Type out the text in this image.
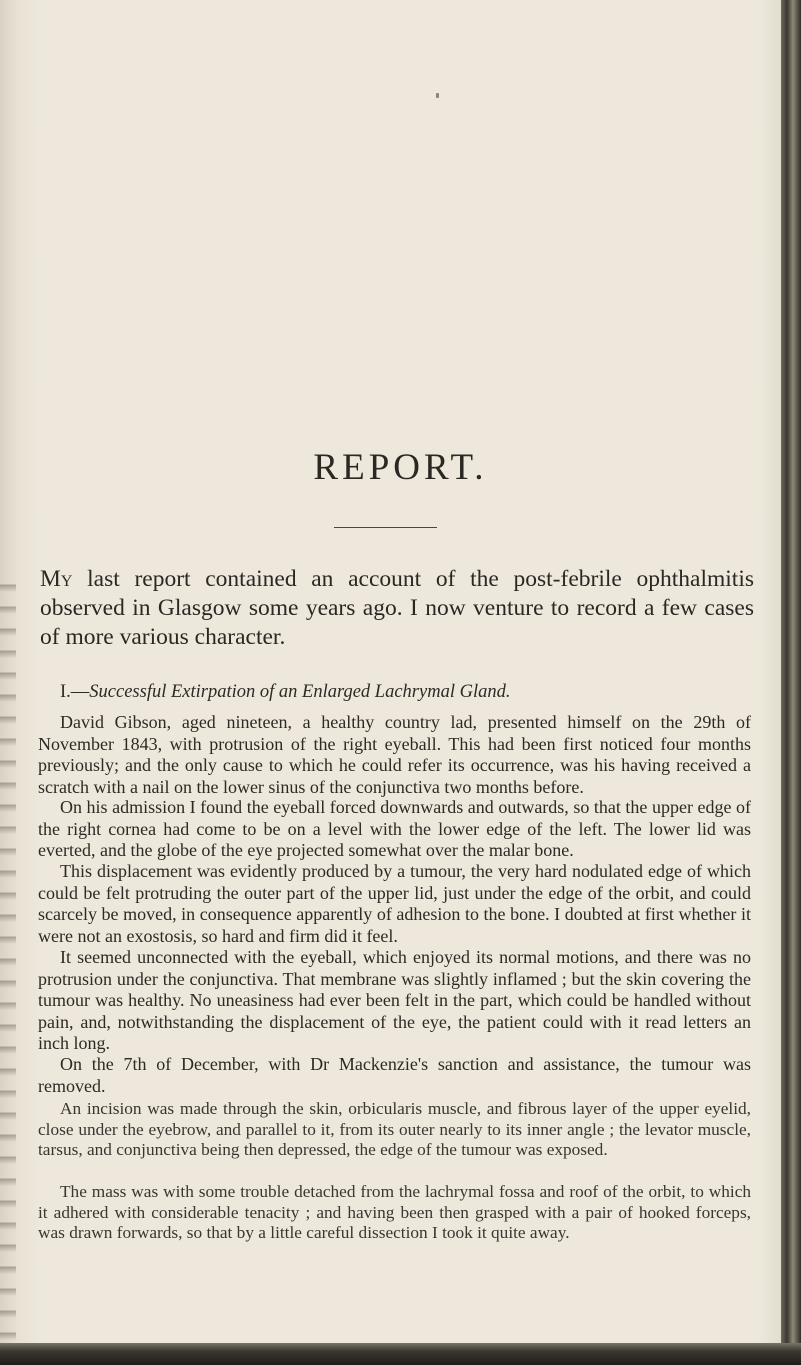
REPORT.

My last report contained an account of the post-febrile ophthalmitis observed in Glasgow some years ago. I now venture to record a few cases of more various character.

I.—Successful Extirpation of an Enlarged Lachrymal Gland.

David Gibson, aged nineteen, a healthy country lad, presented himself on the 29th of November 1843, with protrusion of the right eyeball. This had been first noticed four months previously; and the only cause to which he could refer its occurrence, was his having received a scratch with a nail on the lower sinus of the conjunctiva two months before.

On his admission I found the eyeball forced downwards and outwards, so that the upper edge of the right cornea had come to be on a level with the lower edge of the left. The lower lid was everted, and the globe of the eye projected somewhat over the malar bone.

This displacement was evidently produced by a tumour, the very hard nodulated edge of which could be felt protruding the outer part of the upper lid, just under the edge of the orbit, and could scarcely be moved, in consequence apparently of adhesion to the bone. I doubted at first whether it were not an exostosis, so hard and firm did it feel.

It seemed unconnected with the eyeball, which enjoyed its normal motions, and there was no protrusion under the conjunctiva. That membrane was slightly inflamed ; but the skin covering the tumour was healthy. No uneasiness had ever been felt in the part, which could be handled without pain, and, notwithstanding the displacement of the eye, the patient could with it read letters an inch long.

On the 7th of December, with Dr Mackenzie's sanction and assistance, the tumour was removed.

An incision was made through the skin, orbicularis muscle, and fibrous layer of the upper eyelid, close under the eyebrow, and parallel to it, from its outer nearly to its inner angle ; the levator muscle, tarsus, and conjunctiva being then depressed, the edge of the tumour was exposed.

The mass was with some trouble detached from the lachrymal fossa and roof of the orbit, to which it adhered with considerable tenacity ; and having been then grasped with a pair of hooked forceps, was drawn forwards, so that by a little careful dissection I took it quite away.
